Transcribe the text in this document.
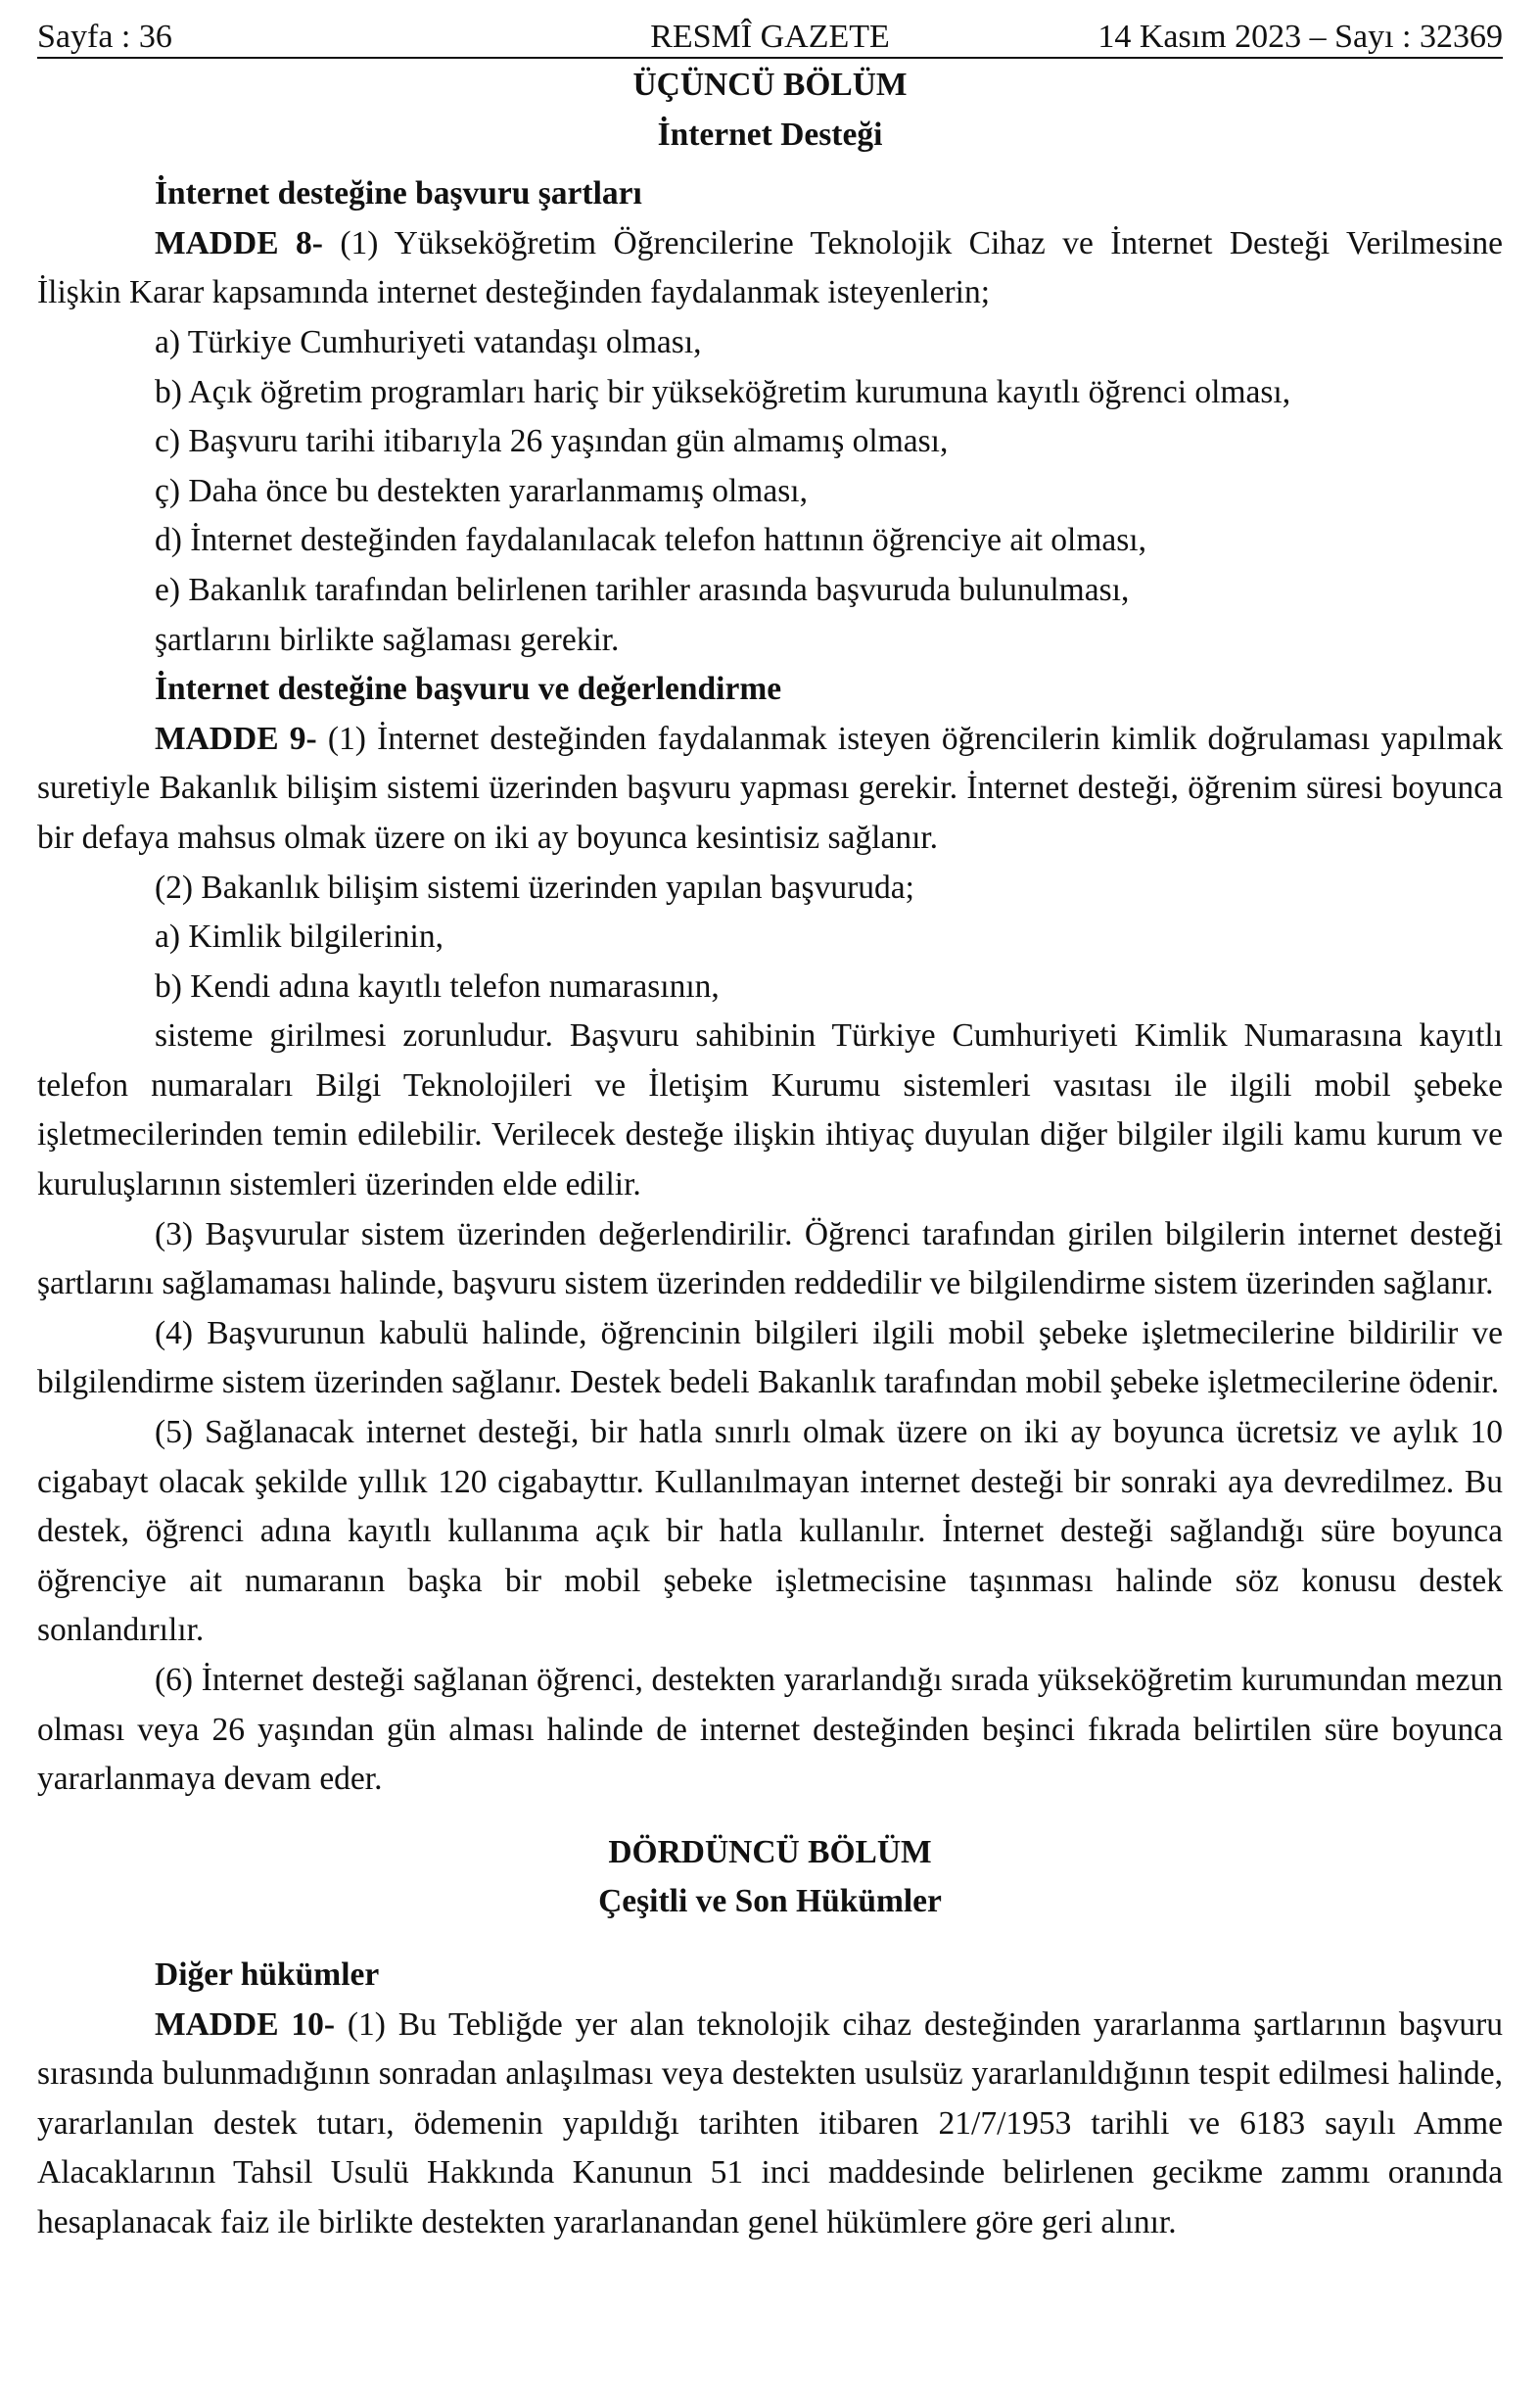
Sayfa : 36	RESMÎ GAZETE	14 Kasım 2023 – Sayı : 32369

ÜÇÜNCÜ BÖLÜM

İnternet Desteği

İnternet desteğine başvuru şartları

MADDE 8- (1) Yükseköğretim Öğrencilerine Teknolojik Cihaz ve İnternet Desteği Verilmesine İlişkin Karar kapsamında internet desteğinden faydalanmak isteyenlerin;

a) Türkiye Cumhuriyeti vatandaşı olması,

b) Açık öğretim programları hariç bir yükseköğretim kurumuna kayıtlı öğrenci olması,

c) Başvuru tarihi itibarıyla 26 yaşından gün almamış olması,

ç) Daha önce bu destekten yararlanmamış olması,

d) İnternet desteğinden faydalanılacak telefon hattının öğrenciye ait olması,

e) Bakanlık tarafından belirlenen tarihler arasında başvuruda bulunulması,

şartlarını birlikte sağlaması gerekir.

İnternet desteğine başvuru ve değerlendirme

MADDE 9- (1) İnternet desteğinden faydalanmak isteyen öğrencilerin kimlik doğrulaması yapılmak suretiyle Bakanlık bilişim sistemi üzerinden başvuru yapması gerekir. İnternet desteği, öğrenim süresi boyunca bir defaya mahsus olmak üzere on iki ay boyunca kesintisiz sağlanır.

(2) Bakanlık bilişim sistemi üzerinden yapılan başvuruda;

a) Kimlik bilgilerinin,

b) Kendi adına kayıtlı telefon numarasının,

sisteme girilmesi zorunludur. Başvuru sahibinin Türkiye Cumhuriyeti Kimlik Numarasına kayıtlı telefon numaraları Bilgi Teknolojileri ve İletişim Kurumu sistemleri vasıtası ile ilgili mobil şebeke işletmecilerinden temin edilebilir. Verilecek desteğe ilişkin ihtiyaç duyulan diğer bilgiler ilgili kamu kurum ve kuruluşlarının sistemleri üzerinden elde edilir.

(3) Başvurular sistem üzerinden değerlendirilir. Öğrenci tarafından girilen bilgilerin internet desteği şartlarını sağlamaması halinde, başvuru sistem üzerinden reddedilir ve bilgilendirme sistem üzerinden sağlanır.

(4) Başvurunun kabulü halinde, öğrencinin bilgileri ilgili mobil şebeke işletmecilerine bildirilir ve bilgilendirme sistem üzerinden sağlanır. Destek bedeli Bakanlık tarafından mobil şebeke işletmecilerine ödenir.

(5) Sağlanacak internet desteği, bir hatla sınırlı olmak üzere on iki ay boyunca ücretsiz ve aylık 10 cigabayt olacak şekilde yıllık 120 cigabayttır. Kullanılmayan internet desteği bir sonraki aya devredilmez. Bu destek, öğrenci adına kayıtlı kullanıma açık bir hatla kullanılır. İnternet desteği sağlandığı süre boyunca öğrenciye ait numaranın başka bir mobil şebeke işletmecisine taşınması halinde söz konusu destek sonlandırılır.

(6) İnternet desteği sağlanan öğrenci, destekten yararlandığı sırada yükseköğretim kurumundan mezun olması veya 26 yaşından gün alması halinde de internet desteğinden beşinci fıkrada belirtilen süre boyunca yararlanmaya devam eder.

DÖRDÜNCÜ BÖLÜM

Çeşitli ve Son Hükümler

Diğer hükümler

MADDE 10- (1) Bu Tebliğde yer alan teknolojik cihaz desteğinden yararlanma şartlarının başvuru sırasında bulunmadığının sonradan anlaşılması veya destekten usulsüz yararlanıldığının tespit edilmesi halinde, yararlanılan destek tutarı, ödemenin yapıldığı tarihten itibaren 21/7/1953 tarihli ve 6183 sayılı Amme Alacaklarının Tahsil Usulü Hakkında Kanunun 51 inci maddesinde belirlenen gecikme zammı oranında hesaplanacak faiz ile birlikte destekten yararlanandan genel hükümlere göre geri alınır.
